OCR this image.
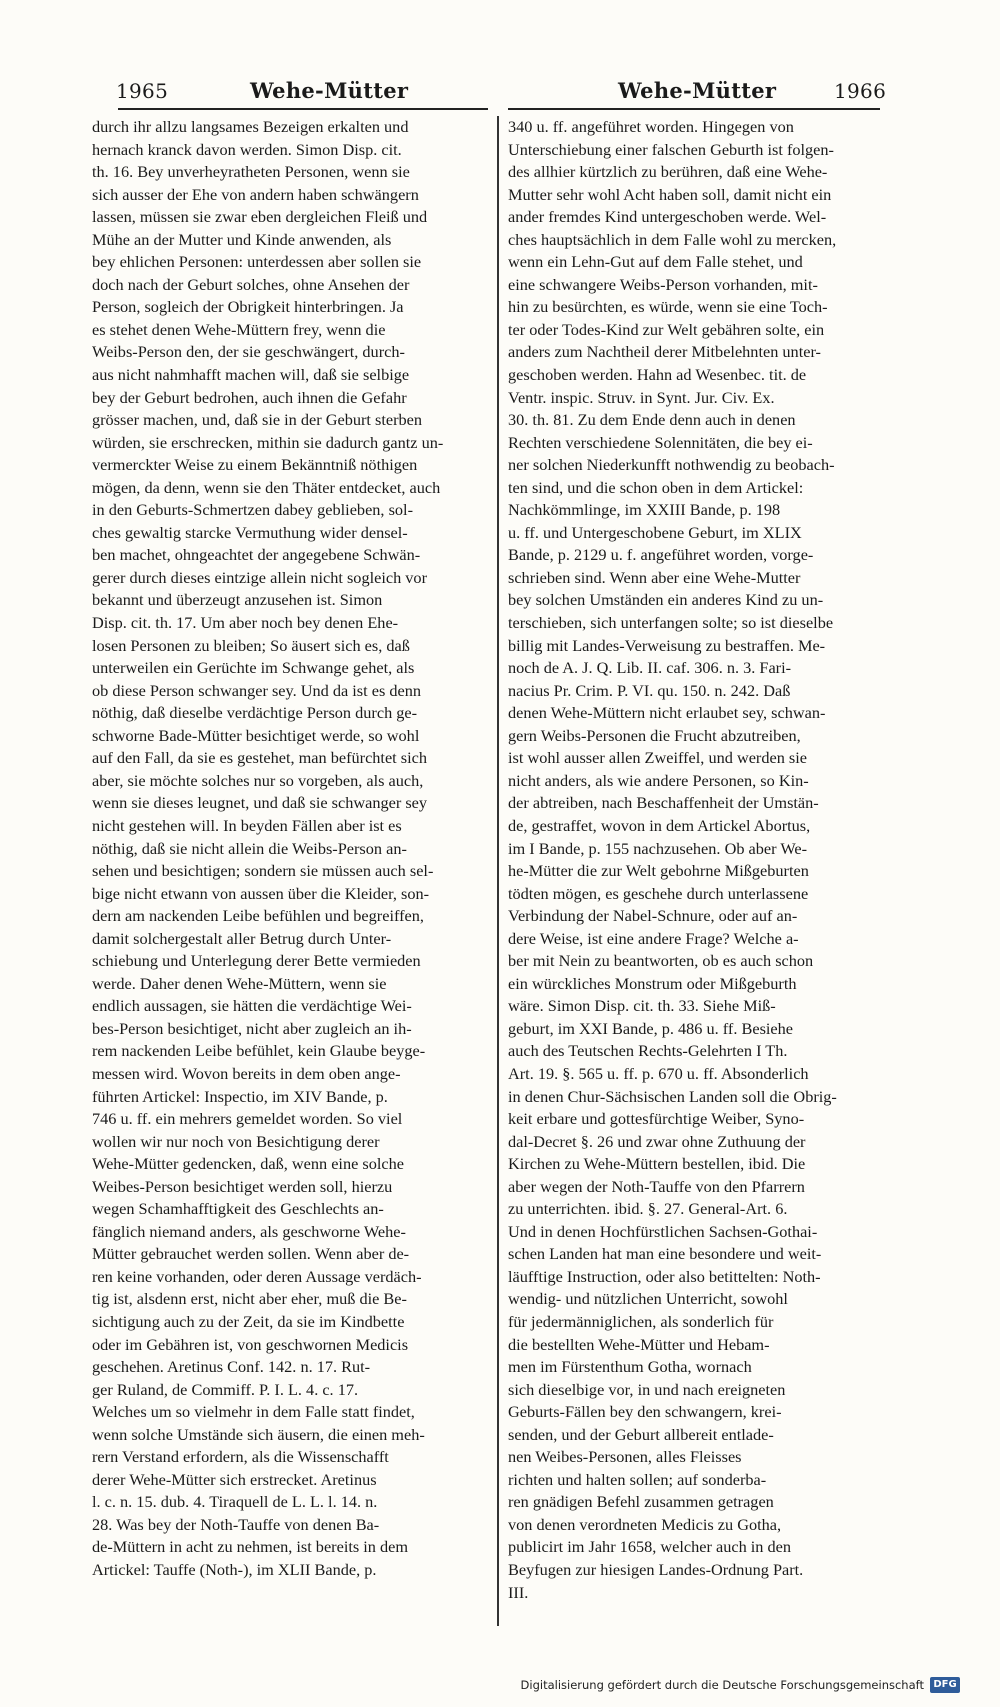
1965	Wehe-Mütter	Wehe-Mütter	1966

durch ihr allzu langsames Bezeigen erkalten und

hernach kranck davon werden. Simon Disp. cit.

th. 16. Bey unverheyratheten Personen, wenn sie

sich ausser der Ehe von andern haben schwängern

lassen, müssen sie zwar eben dergleichen Fleiß und

Mühe an der Mutter und Kinde anwenden, als

bey ehlichen Personen: unterdessen aber sollen sie

doch nach der Geburt solches, ohne Ansehen der

Person, sogleich der Obrigkeit hinterbringen. Ja

es stehet denen Wehe-Müttern frey, wenn die

Weibs-Person den, der sie geschwängert, durch-

aus nicht nahmhafft machen will, daß sie selbige

bey der Geburt bedrohen, auch ihnen die Gefahr

grösser machen, und, daß sie in der Geburt sterben

würden, sie erschrecken, mithin sie dadurch gantz un-

vermerckter Weise zu einem Bekänntniß nöthigen

mögen, da denn, wenn sie den Thäter entdecket, auch

in den Geburts-Schmertzen dabey geblieben, sol-

ches gewaltig starcke Vermuthung wider densel-

ben machet, ohngeachtet der angegebene Schwän-

gerer durch dieses eintzige allein nicht sogleich vor

bekannt und überzeugt anzusehen ist. Simon

Disp. cit. th. 17. Um aber noch bey denen Ehe-

losen Personen zu bleiben; So äusert sich es, daß

unterweilen ein Gerüchte im Schwange gehet, als

ob diese Person schwanger sey. Und da ist es denn

nöthig, daß dieselbe verdächtige Person durch ge-

schworne Bade-Mütter besichtiget werde, so wohl

auf den Fall, da sie es gestehet, man befürchtet sich

aber, sie möchte solches nur so vorgeben, als auch,

wenn sie dieses leugnet, und daß sie schwanger sey

nicht gestehen will. In beyden Fällen aber ist es

nöthig, daß sie nicht allein die Weibs-Person an-

sehen und besichtigen; sondern sie müssen auch sel-

bige nicht etwann von aussen über die Kleider, son-

dern am nackenden Leibe befühlen und begreiffen,

damit solchergestalt aller Betrug durch Unter-

schiebung und Unterlegung derer Bette vermieden

werde. Daher denen Wehe-Müttern, wenn sie

endlich aussagen, sie hätten die verdächtige Wei-

bes-Person besichtiget, nicht aber zugleich an ih-

rem nackenden Leibe befühlet, kein Glaube beyge-

messen wird. Wovon bereits in dem oben ange-

führten Artickel: Inspectio, im XIV Bande, p.

746 u. ff. ein mehrers gemeldet worden. So viel

wollen wir nur noch von Besichtigung derer

Wehe-Mütter gedencken, daß, wenn eine solche

Weibes-Person besichtiget werden soll, hierzu

wegen Schamhafftigkeit des Geschlechts an-

fänglich niemand anders, als geschworne Wehe-

Mütter gebrauchet werden sollen. Wenn aber de-

ren keine vorhanden, oder deren Aussage verdäch-

tig ist, alsdenn erst, nicht aber eher, muß die Be-

sichtigung auch zu der Zeit, da sie im Kindbette

oder im Gebähren ist, von geschwornen Medicis

geschehen. Aretinus Conf. 142. n. 17. Rut-

ger Ruland, de Commiff. P. I. L. 4. c. 17.

Welches um so vielmehr in dem Falle statt findet,

wenn solche Umstände sich äusern, die einen meh-

rern Verstand erfordern, als die Wissenschafft

derer Wehe-Mütter sich erstrecket. Aretinus

l. c. n. 15. dub. 4. Tiraquell de L. L. l. 14. n.

28. Was bey der Noth-Tauffe von denen Ba-

de-Müttern in acht zu nehmen, ist bereits in dem

Artickel: Tauffe (Noth-), im XLII Bande, p.

340 u. ff. angeführet worden. Hingegen von

Unterschiebung einer falschen Geburth ist folgen-

des allhier kürtzlich zu berühren, daß eine Wehe-

Mutter sehr wohl Acht haben soll, damit nicht ein

ander fremdes Kind untergeschoben werde. Wel-

ches hauptsächlich in dem Falle wohl zu mercken,

wenn ein Lehn-Gut auf dem Falle stehet, und

eine schwangere Weibs-Person vorhanden, mit-

hin zu besürchten, es würde, wenn sie eine Toch-

ter oder Todes-Kind zur Welt gebähren solte, ein

anders zum Nachtheil derer Mitbelehnten unter-

geschoben werden. Hahn ad Wesenbec. tit. de

Ventr. inspic. Struv. in Synt. Jur. Civ. Ex.

30. th. 81. Zu dem Ende denn auch in denen

Rechten verschiedene Solennitäten, die bey ei-

ner solchen Niederkunfft nothwendig zu beobach-

ten sind, und die schon oben in dem Artickel:

Nachkömmlinge, im XXIII Bande, p. 198

u. ff. und Untergeschobene Geburt, im XLIX

Bande, p. 2129 u. f. angeführet worden, vorge-

schrieben sind. Wenn aber eine Wehe-Mutter

bey solchen Umständen ein anderes Kind zu un-

terschieben, sich unterfangen solte; so ist dieselbe

billig mit Landes-Verweisung zu bestraffen. Me-

noch de A. J. Q. Lib. II. caf. 306. n. 3. Fari-

nacius Pr. Crim. P. VI. qu. 150. n. 242. Daß

denen Wehe-Müttern nicht erlaubet sey, schwan-

gern Weibs-Personen die Frucht abzutreiben,

ist wohl ausser allen Zweiffel, und werden sie

nicht anders, als wie andere Personen, so Kin-

der abtreiben, nach Beschaffenheit der Umstän-

de, gestraffet, wovon in dem Artickel Abortus,

im I Bande, p. 155 nachzusehen. Ob aber We-

he-Mütter die zur Welt gebohrne Mißgeburten

tödten mögen, es geschehe durch unterlassene

Verbindung der Nabel-Schnure, oder auf an-

dere Weise, ist eine andere Frage? Welche a-

ber mit Nein zu beantworten, ob es auch schon

ein würckliches Monstrum oder Mißgeburth

wäre. Simon Disp. cit. th. 33. Siehe Miß-

geburt, im XXI Bande, p. 486 u. ff. Besiehe

auch des Teutschen Rechts-Gelehrten I Th.

Art. 19. §. 565 u. ff. p. 670 u. ff. Absonderlich

in denen Chur-Sächsischen Landen soll die Obrig-

keit erbare und gottesfürchtige Weiber, Syno-

dal-Decret §. 26 und zwar ohne Zuthuung der

Kirchen zu Wehe-Müttern bestellen, ibid. Die

aber wegen der Noth-Tauffe von den Pfarrern

zu unterrichten. ibid. §. 27. General-Art. 6.

Und in denen Hochfürstlichen Sachsen-Gothai-

schen Landen hat man eine besondere und weit-

läufftige Instruction, oder also betittelten: Noth-

wendig- und nützlichen Unterricht, sowohl

für jedermänniglichen, als sonderlich für

die bestellten Wehe-Mütter und Hebam-

men im Fürstenthum Gotha, wornach

sich dieselbige vor, in und nach ereigneten

Geburts-Fällen bey den schwangern, krei-

senden, und der Geburt allbereit entlade-

nen Weibes-Personen, alles Fleisses

richten und halten sollen; auf sonderba-

ren gnädigen Befehl zusammen getragen

von denen verordneten Medicis zu Gotha,

publicirt im Jahr 1658, welcher auch in den

Beyfugen zur hiesigen Landes-Ordnung Part.

III.

Digitalisierung gefördert durch die Deutsche Forschungsgemeinschaft DFG
